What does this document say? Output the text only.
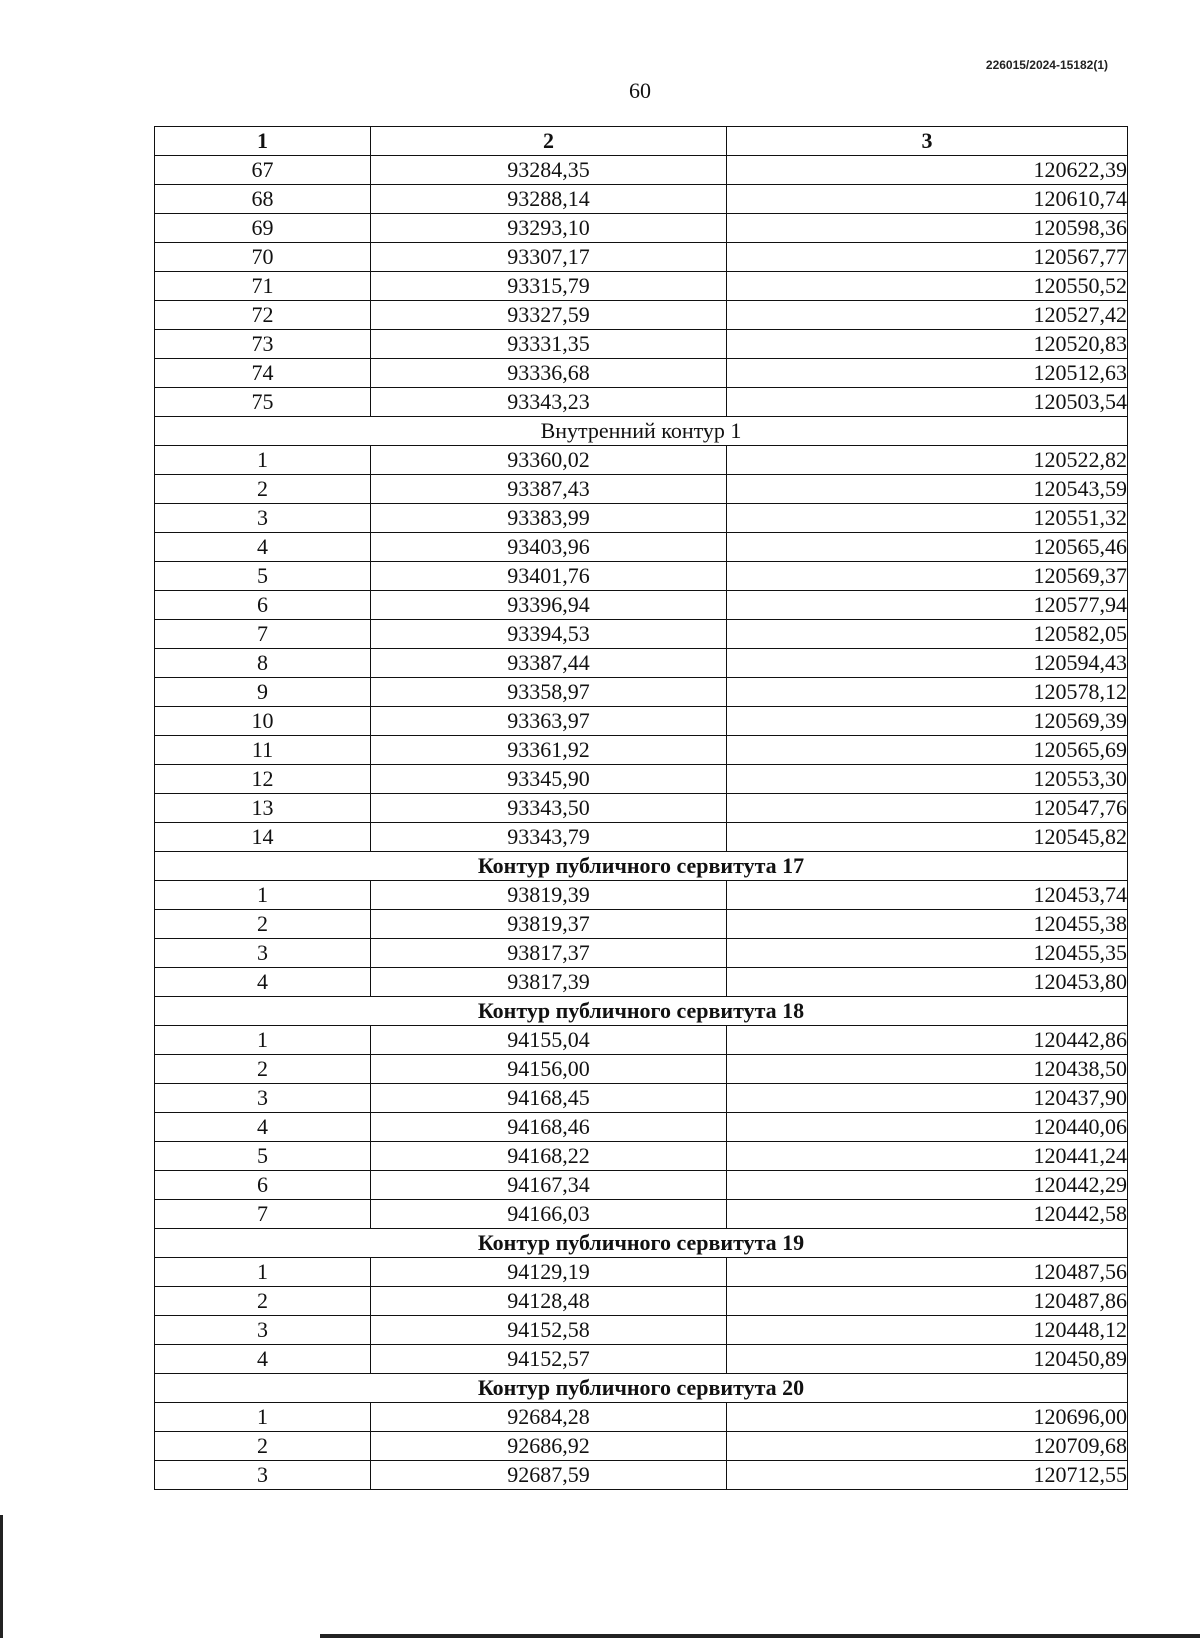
226015/2024-15182(1)
60
1	2	3
67	93284,35	120622,39
68	93288,14	120610,74
69	93293,10	120598,36
70	93307,17	120567,77
71	93315,79	120550,52
72	93327,59	120527,42
73	93331,35	120520,83
74	93336,68	120512,63
75	93343,23	120503,54
Внутренний контур 1		
1	93360,02	120522,82
2	93387,43	120543,59
3	93383,99	120551,32
4	93403,96	120565,46
5	93401,76	120569,37
6	93396,94	120577,94
7	93394,53	120582,05
8	93387,44	120594,43
9	93358,97	120578,12
10	93363,97	120569,39
11	93361,92	120565,69
12	93345,90	120553,30
13	93343,50	120547,76
14	93343,79	120545,82
Контур публичного сервитута 17		
1	93819,39	120453,74
2	93819,37	120455,38
3	93817,37	120455,35
4	93817,39	120453,80
Контур публичного сервитута 18		
1	94155,04	120442,86
2	94156,00	120438,50
3	94168,45	120437,90
4	94168,46	120440,06
5	94168,22	120441,24
6	94167,34	120442,29
7	94166,03	120442,58
Контур публичного сервитута 19		
1	94129,19	120487,56
2	94128,48	120487,86
3	94152,58	120448,12
4	94152,57	120450,89
Контур публичного сервитута 20		
1	92684,28	120696,00
2	92686,92	120709,68
3	92687,59	120712,55
